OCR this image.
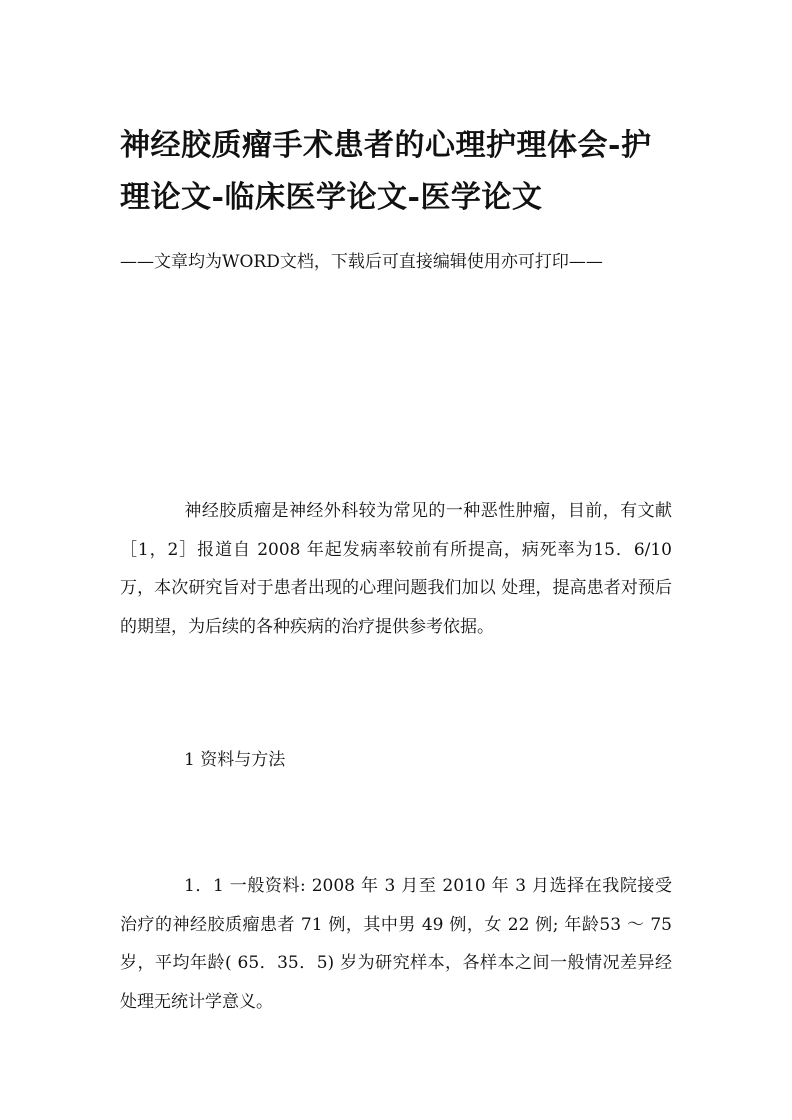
神经胶质瘤手术患者的心理护理体会-护理论文-临床医学论文-医学论文

——文章均为WORD文档，下载后可直接编辑使用亦可打印——

神经胶质瘤是神经外科较为常见的一种恶性肿瘤，目前，有文献［1，2］报道自 2008 年起发病率较前有所提高，病死率为15．6/10 万，本次研究旨对于患者出现的心理问题我们加以 处理，提高患者对预后的期望，为后续的各种疾病的治疗提供参考依据。

1 资料与方法

1．1 一般资料: 2008 年 3 月至 2010 年 3 月选择在我院接受治疗的神经胶质瘤患者 71 例，其中男 49 例，女 22 例; 年龄53 ～ 75 岁，平均年龄( 65．35．5) 岁为研究样本，各样本之间一般情况差异经处理无统计学意义。
